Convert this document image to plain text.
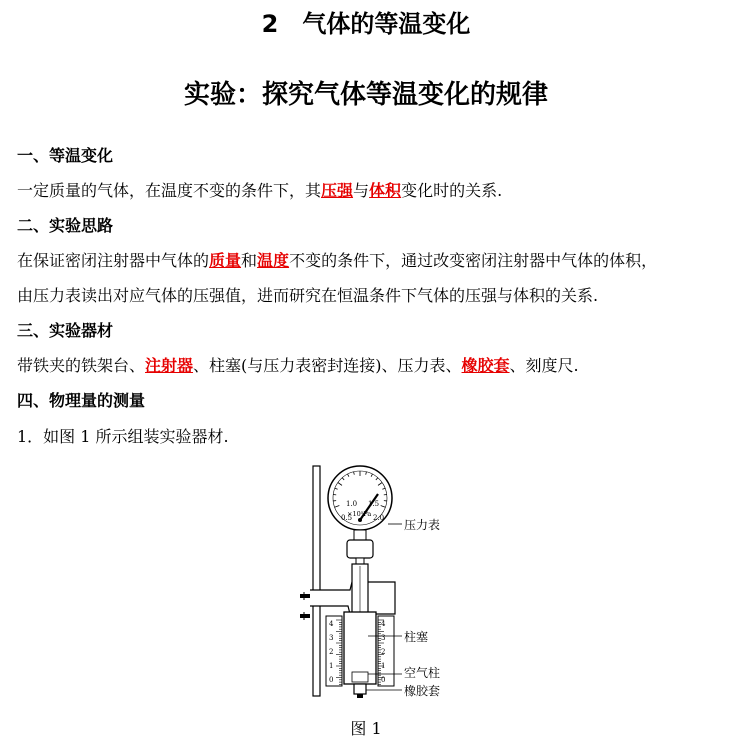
2　气体的等温变化
实验：探究气体等温变化的规律
一、等温变化
一定质量的气体，在温度不变的条件下，其压强与体积变化时的关系.
二、实验思路
在保证密闭注射器中气体的质量和温度不变的条件下，通过改变密闭注射器中气体的体积，
由压力表读出对应气体的压强值，进而研究在恒温条件下气体的压强与体积的关系.
三、实验器材
带铁夹的铁架台、注射器、柱塞(与压力表密封连接)、压力表、橡胶套、刻度尺.
四、物理量的测量
1．如图 1 所示组装实验器材.
0.5
1.0 1.5
2.0
×10⁵Pa
4
3
2
1
0
4
3
2
1
0
压力表
柱塞
空气柱
橡胶套
图 1
